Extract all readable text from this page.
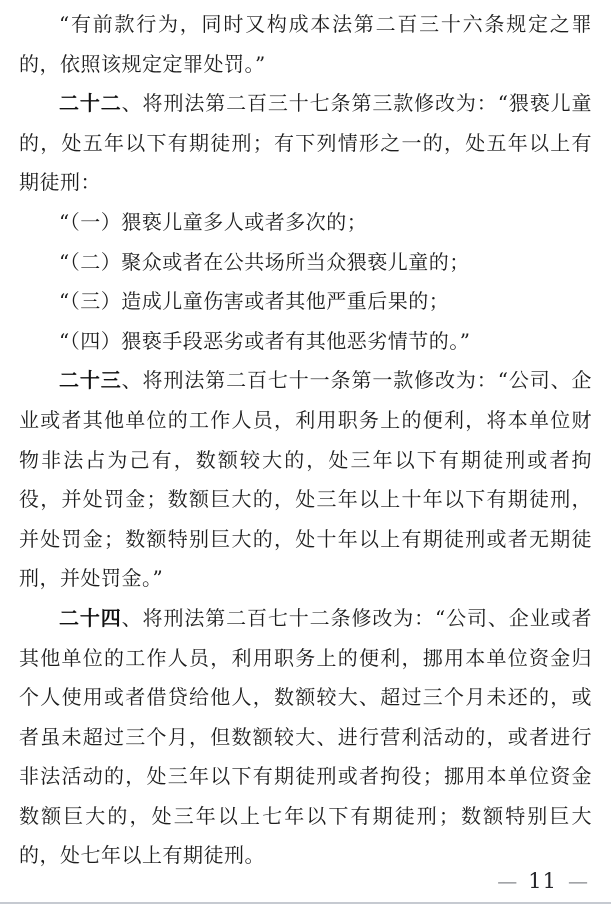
“有前款行为，同时又构成本法第二百三十六条规定之罪的，依照该规定定罪处罚。”

二十二、将刑法第二百三十七条第三款修改为：“猥亵儿童的，处五年以下有期徒刑；有下列情形之一的，处五年以上有期徒刑：

“（一）猥亵儿童多人或者多次的；

“（二）聚众或者在公共场所当众猥亵儿童的；

“（三）造成儿童伤害或者其他严重后果的；

“（四）猥亵手段恶劣或者有其他恶劣情节的。”

二十三、将刑法第二百七十一条第一款修改为：“公司、企业或者其他单位的工作人员，利用职务上的便利，将本单位财物非法占为己有，数额较大的，处三年以下有期徒刑或者拘役，并处罚金；数额巨大的，处三年以上十年以下有期徒刑，并处罚金；数额特别巨大的，处十年以上有期徒刑或者无期徒刑，并处罚金。”

二十四、将刑法第二百七十二条修改为：“公司、企业或者其他单位的工作人员，利用职务上的便利，挪用本单位资金归个人使用或者借贷给他人，数额较大、超过三个月未还的，或者虽未超过三个月，但数额较大、进行营利活动的，或者进行非法活动的，处三年以下有期徒刑或者拘役；挪用本单位资金数额巨大的，处三年以上七年以下有期徒刑；数额特别巨大的，处七年以上有期徒刑。

— 11 —
